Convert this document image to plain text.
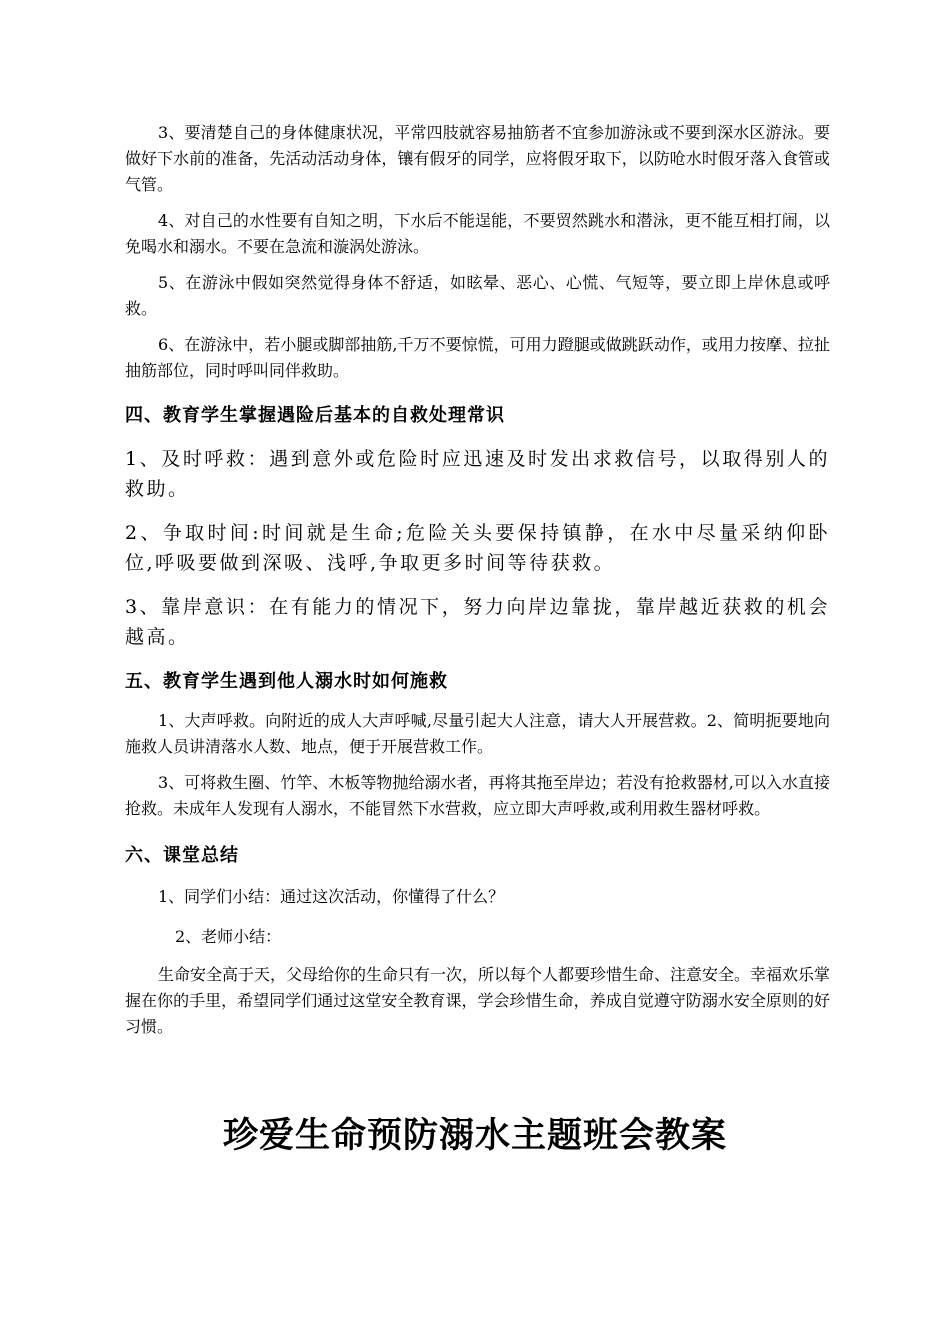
3、要清楚自己的身体健康状况，平常四肢就容易抽筋者不宜参加游泳或不要到深水区游泳。要做好下水前的准备，先活动活动身体，镶有假牙的同学，应将假牙取下，以防呛水时假牙落入食管或气管。

4、对自己的水性要有自知之明，下水后不能逞能，不要贸然跳水和潜泳，更不能互相打闹，以免喝水和溺水。不要在急流和漩涡处游泳。

5、在游泳中假如突然觉得身体不舒适，如眩晕、恶心、心慌、气短等，要立即上岸休息或呼救。

6、在游泳中，若小腿或脚部抽筋,千万不要惊慌，可用力蹬腿或做跳跃动作，或用力按摩、拉扯抽筋部位，同时呼叫同伴救助。

四、教育学生掌握遇险后基本的自救处理常识

1、及时呼救：遇到意外或危险时应迅速及时发出求救信号，以取得别人的救助。

2、争取时间:时间就是生命;危险关头要保持镇静，在水中尽量采纳仰卧位,呼吸要做到深吸、浅呼,争取更多时间等待获救。

3、靠岸意识：在有能力的情况下，努力向岸边靠拢，靠岸越近获救的机会越高。

五、教育学生遇到他人溺水时如何施救

1、大声呼救。向附近的成人大声呼喊,尽量引起大人注意，请大人开展营救。2、简明扼要地向施救人员讲清落水人数、地点，便于开展营救工作。

3、可将救生圈、竹竿、木板等物抛给溺水者，再将其拖至岸边；若没有抢救器材,可以入水直接抢救。未成年人发现有人溺水，不能冒然下水营救，应立即大声呼救,或利用救生器材呼救。

六、课堂总结

1、同学们小结：通过这次活动，你懂得了什么？

2、老师小结：

生命安全高于天，父母给你的生命只有一次，所以每个人都要珍惜生命、注意安全。幸福欢乐掌握在你的手里，希望同学们通过这堂安全教育课，学会珍惜生命，养成自觉遵守防溺水安全原则的好习惯。

珍爱生命预防溺水主题班会教案
